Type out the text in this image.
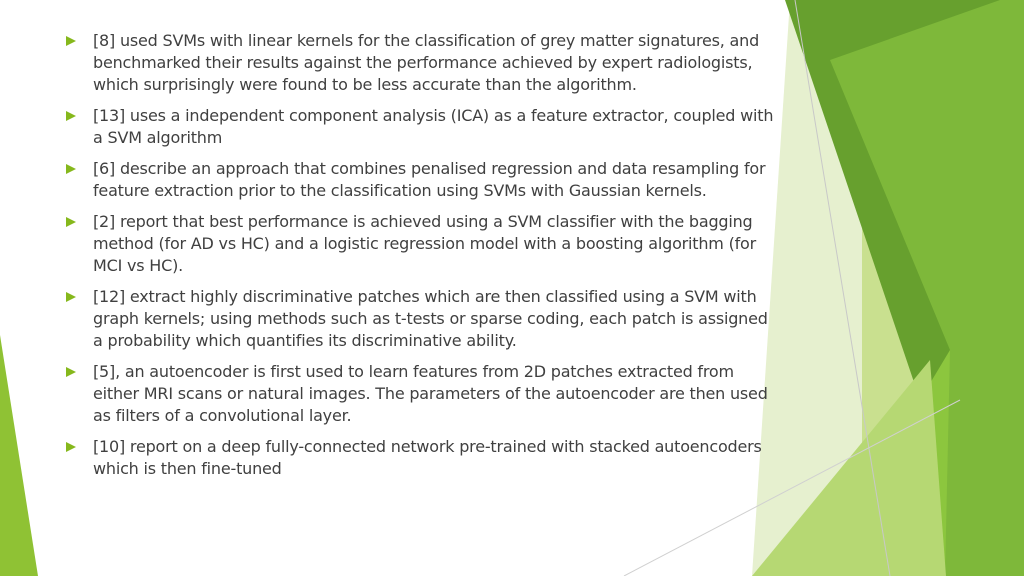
[8] used SVMs with linear kernels for the classification of grey matter signatures, and benchmarked their results against the performance achieved by expert radiologists, which surprisingly were found to be less accurate than the algorithm.
[13] uses a independent component analysis (ICA) as a feature extractor, coupled with a SVM algorithm
[6] describe an approach that combines penalised regression and data resampling for feature extraction prior to the classification using SVMs with Gaussian kernels.
[2] report that best performance is achieved using a SVM classifier with the bagging method (for AD vs HC) and a logistic regression model with a boosting algorithm (for MCI vs HC).
[12] extract highly discriminative patches which are then classified using a SVM with graph kernels; using methods such as t-tests or sparse coding, each patch is assigned a probability which quantifies its discriminative ability.
[5], an autoencoder is first used to learn features from 2D patches extracted from either MRI scans or natural images. The parameters of the autoencoder are then used as filters of a convolutional layer.
[10] report on a deep fully-connected network pre-trained with stacked autoencoders which is then fine-tuned
